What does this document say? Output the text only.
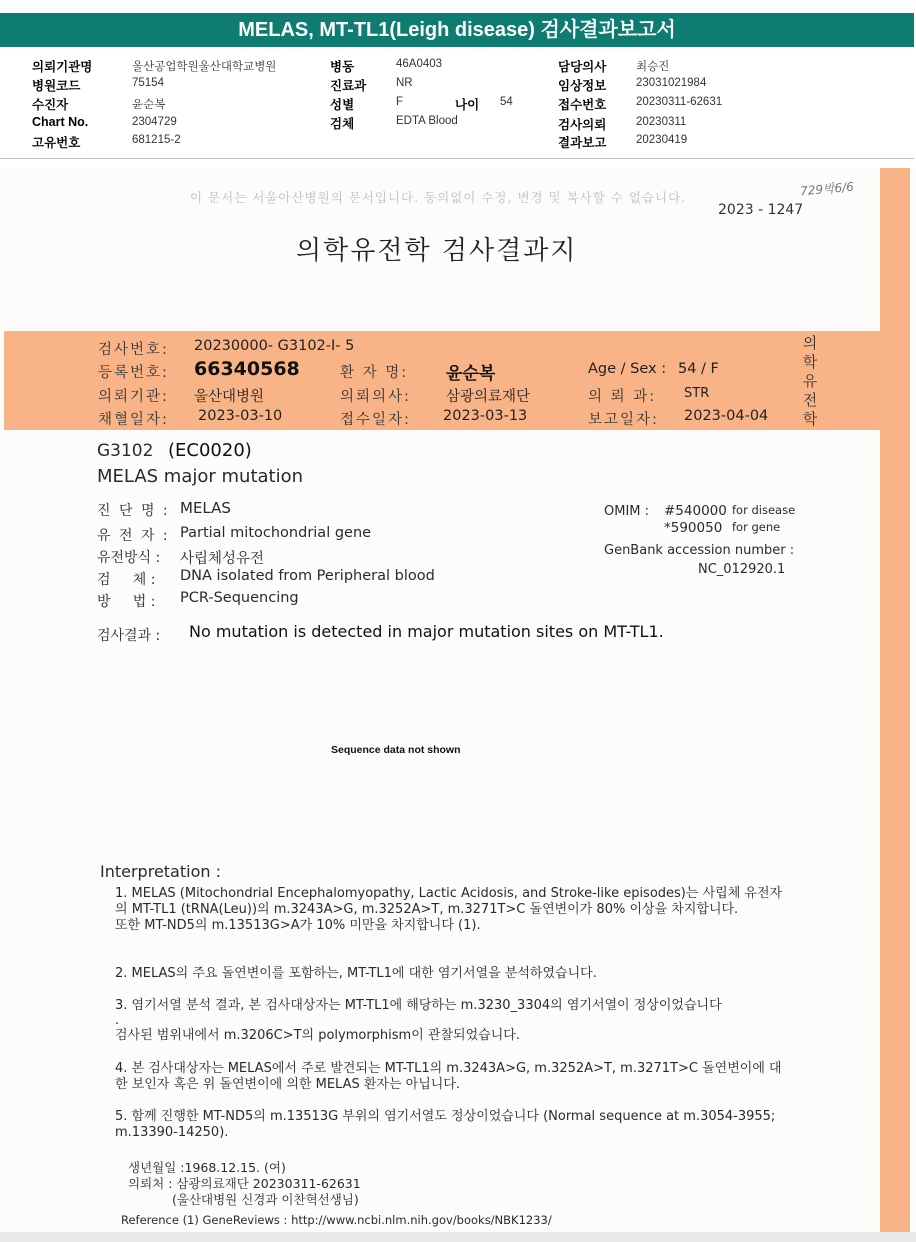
MELAS, MT-TL1(Leigh disease) 검사결과보고서
의뢰기관명	울산공업학원울산대학교병원
병원코드	75154
수진자	윤순복
Chart No.	2304729
고유번호	681215-2
병동	46A0403
진료과	NR
성별	F	나이 54
검체	EDTA Blood
담당의사	최승진
임상정보	23031021984
접수번호	20230311-62631
검사의뢰	20230311
결과보고	20230419
이 문서는 서울아산병원의 문서입니다. 동의없이 수정, 변경 및 복사할 수 없습니다.	729박6/6
2023 - 1247
의학유전학 검사결과지
검사번호: 20230000- G3102-I- 5
등록번호: 66340568	환 자 명: 윤순복	Age / Sex : 54 / F
의뢰기관: 울산대병원	의뢰의사: 삼광의료재단	의 뢰 과: STR
채혈일자: 2023-03-10	접수일자: 2023-03-13	보고일자: 2023-04-04
의
학
유
전
학
G3102 (EC0020)
MELAS major mutation
진 단 명 : MELAS
유 전 자 : Partial mitochondrial gene
유전방식 : 사립체성유전
검     체 : DNA isolated from Peripheral blood
방     법 : PCR-Sequencing
OMIM : #540000 for disease
*590050 for gene
GenBank accession number :
NC_012920.1
검사결과 : No mutation is detected in major mutation sites on MT-TL1.
Sequence data not shown
Interpretation :
1. MELAS (Mitochondrial Encephalomyopathy, Lactic Acidosis, and Stroke-like episodes)는 사립체 유전자의 MT-TL1 (tRNA(Leu))의 m.3243A>G, m.3252A>T, m.3271T>C 돌연변이가 80% 이상을 차지합니다.
또한 MT-ND5의 m.13513G>A가 10% 미만을 차지합니다 (1).
2. MELAS의 주요 돌연변이를 포함하는, MT-TL1에 대한 염기서열을 분석하였습니다.
3. 염기서열 분석 결과, 본 검사대상자는 MT-TL1에 해당하는 m.3230_3304의 염기서열이 정상이었습니다
.
검사된 범위내에서 m.3206C>T의 polymorphism이 관찰되었습니다.
4. 본 검사대상자는 MELAS에서 주로 발견되는 MT-TL1의 m.3243A>G, m.3252A>T, m.3271T>C 돌연변이에 대한 보인자 혹은 위 돌연변이에 의한 MELAS 환자는 아닙니다.
5. 함께 진행한 MT-ND5의 m.13513G 부위의 염기서열도 정상이었습니다 (Normal sequence at m.3054-3955; m.13390-14250).
생년월일 :1968.12.15. (여)
의뢰처 : 삼광의료재단 20230311-62631
(울산대병원 신경과 이찬혁선생님)
Reference (1) GeneReviews : http://www.ncbi.nlm.nih.gov/books/NBK1233/
